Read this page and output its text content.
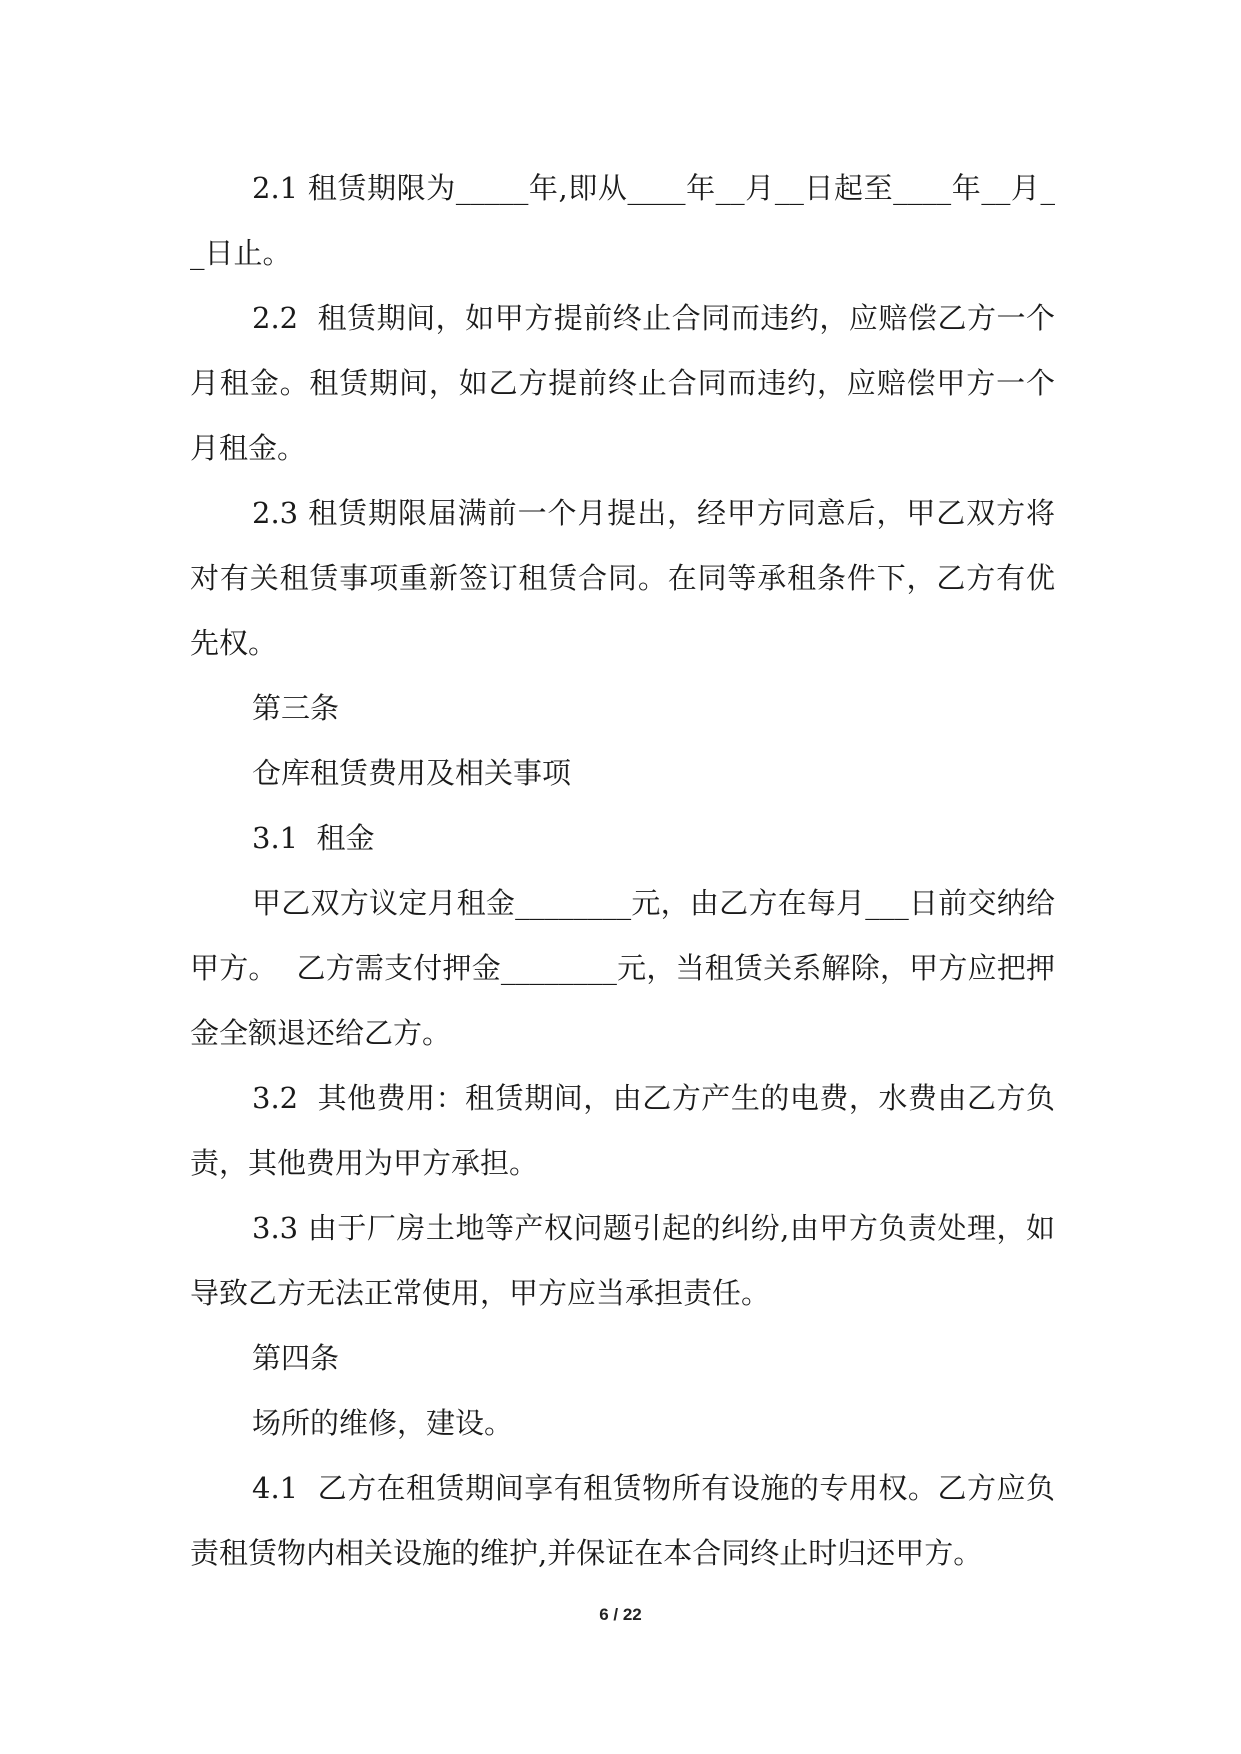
2.1 租赁期限为_____年,即从____年__月__日起至____年__月__日止。

2.2  租赁期间，如甲方提前终止合同而违约，应赔偿乙方一个月租金。租赁期间，如乙方提前终止合同而违约，应赔偿甲方一个月租金。

2.3 租赁期限届满前一个月提出，经甲方同意后，甲乙双方将对有关租赁事项重新签订租赁合同。在同等承租条件下，乙方有优先权。

第三条

仓库租赁费用及相关事项

3.1  租金

甲乙双方议定月租金________元，由乙方在每月___日前交纳给甲方。  乙方需支付押金________元，当租赁关系解除，甲方应把押金全额退还给乙方。

3.2  其他费用：租赁期间，由乙方产生的电费，水费由乙方负责，其他费用为甲方承担。

3.3 由于厂房土地等产权问题引起的纠纷,由甲方负责处理，如导致乙方无法正常使用，甲方应当承担责任。

第四条

场所的维修，建设。

4.1  乙方在租赁期间享有租赁物所有设施的专用权。乙方应负责租赁物内相关设施的维护,并保证在本合同终止时归还甲方。

6 / 22
